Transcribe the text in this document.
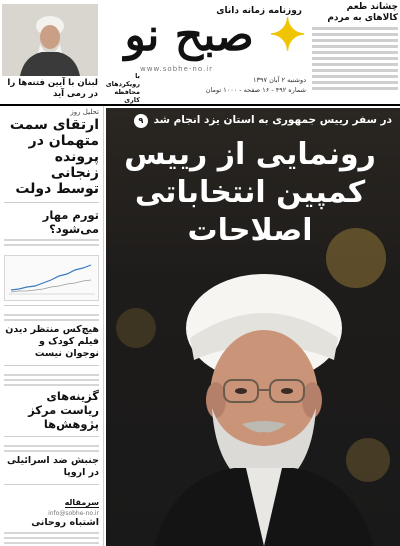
لبنان با آیین فتنه‌ها را در رمی آید
روزنامه زمانه دانای
✦ صبح نو
www.sobhe-no.ir
با رویکردهای محافظه کاری
دوشنبه ۲ آبان ۱۳۹۷
شماره ۴۹۲ - ۱۶ صفحه - ۱۰۰۰ تومان
چشاند طعم کالاهای به مردم
تحلیل روز
ارتقای سمت متهمان در پرونده زنجانی توسط دولت
تورم مهار می‌شود؟
هیچ‌کس منتظر دیدن فیلم کودک و نوجوان نیست
گزینه‌های ریاست مرکز پژوهش‌ها
جنبش ضد اسرائیلی در اروپا
سرمقاله
info@sobhe-no.ir
اشتباه روحانی
در سفر رییس جمهوری به استان یزد انجام شد ۹
رونمایی از رییس کمپین انتخاباتی اصلاحات
